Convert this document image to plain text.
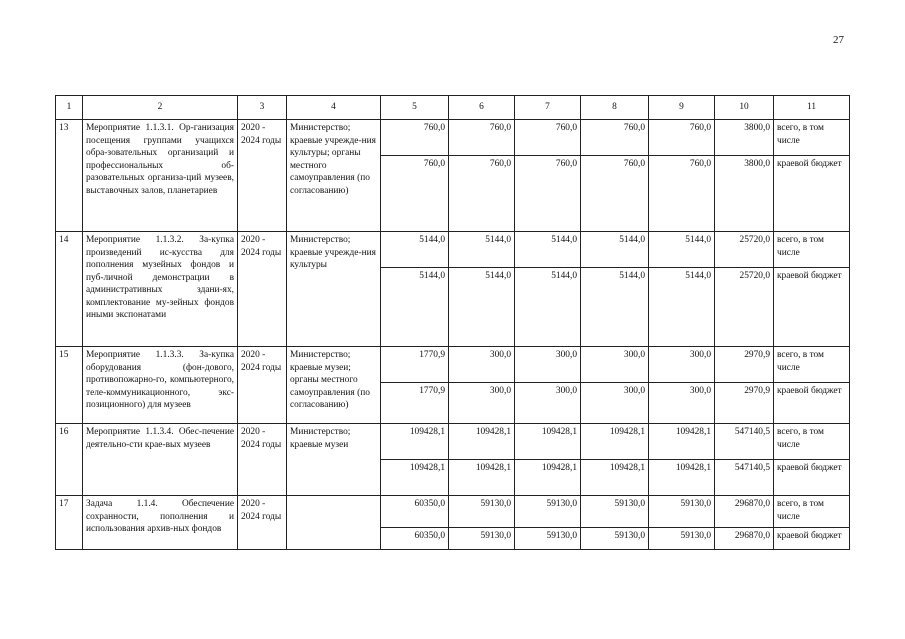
27
1	2	3	4	5	6	7	8	9	10	11
13	Мероприятие 1.1.3.1. Ор-ганизация посещения группами учащихся обра-зовательных организаций и профессиональных об-разовательных организа-ций музеев, выставочных залов, планетариев	2020 - 2024 годы	Министерство; краевые учрежде-ния культуры; органы местного самоуправления (по согласованию)	760,0	760,0	760,0	760,0	760,0	3800,0	всего, в том числе
				760,0	760,0	760,0	760,0	760,0	3800,0	краевой бюджет
14	Мероприятие 1.1.3.2. За-купка произведений ис-кусства для пополнения музейных фондов и пуб-личной демонстрации в административных здани-ях, комплектование му-зейных фондов иными экспонатами	2020 - 2024 годы	Министерство; краевые учрежде-ния культуры	5144,0	5144,0	5144,0	5144,0	5144,0	25720,0	всего, в том числе
				5144,0	5144,0	5144,0	5144,0	5144,0	25720,0	краевой бюджет
15	Мероприятие 1.1.3.3. За-купка оборудования (фон-дового, противопожарно-го, компьютерного, теле-коммуникационного, экс-позиционного) для музеев	2020 - 2024 годы	Министерство; краевые музеи; органы местного самоуправления (по согласованию)	1770,9	300,0	300,0	300,0	300,0	2970,9	всего, в том числе
				1770,9	300,0	300,0	300,0	300,0	2970,9	краевой бюджет
16	Мероприятие 1.1.3.4. Обес-печение деятельно-сти крае-вых музеев	2020 - 2024 годы	Министерство; краевые музеи	109428,1	109428,1	109428,1	109428,1	109428,1	547140,5	всего, в том числе
				109428,1	109428,1	109428,1	109428,1	109428,1	547140,5	краевой бюджет
17	Задача 1.1.4. Обеспечение сохранности, пополнения и использования архив-ных фондов	2020 - 2024 годы		60350,0	59130,0	59130,0	59130,0	59130,0	296870,0	всего, в том числе
				60350,0	59130,0	59130,0	59130,0	59130,0	296870,0	краевой бюджет
